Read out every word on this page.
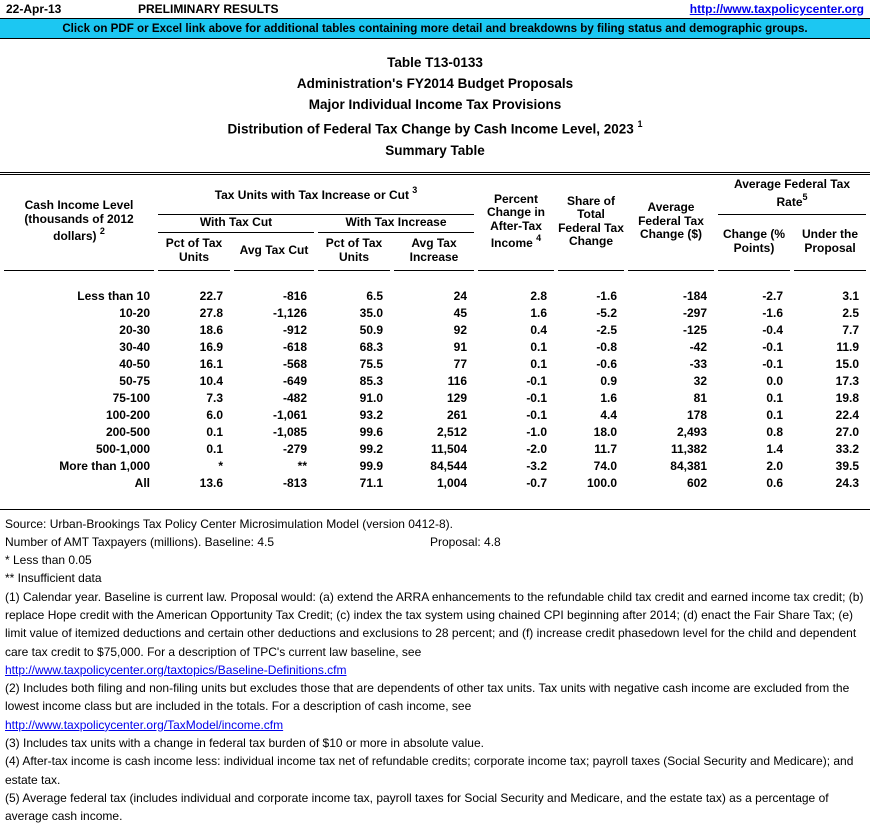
22-Apr-13	PRELIMINARY RESULTS	http://www.taxpolicycenter.org
Click on PDF or Excel link above for additional tables containing more detail and breakdowns by filing status and demographic groups.
Table T13-0133
Administration's FY2014 Budget Proposals
Major Individual Income Tax Provisions
Distribution of Federal Tax Change by Cash Income Level, 2023 $^1$
Summary Table
Cash Income Level (thousands of 2012 dollars) $^2$	Tax Units with Tax Increase or Cut $^3$				Percent Change in After-Tax Income $^4$	Share of Total Federal Tax Change	Average Federal Tax Change ($)	Average Federal Tax Rate$^5$
	With Tax Cut		With Tax Increase					Change (% Points)	Under the Proposal
	Pct of Tax Units	Avg Tax Cut	Pct of Tax Units	Avg Tax Increase					

Less than 10	22.7	-816	6.5	24	2.8	-1.6	-184	-2.7	3.1
10-20	27.8	-1,126	35.0	45	1.6	-5.2	-297	-1.6	2.5
20-30	18.6	-912	50.9	92	0.4	-2.5	-125	-0.4	7.7
30-40	16.9	-618	68.3	91	0.1	-0.8	-42	-0.1	11.9
40-50	16.1	-568	75.5	77	0.1	-0.6	-33	-0.1	15.0
50-75	10.4	-649	85.3	116	-0.1	0.9	32	0.0	17.3
75-100	7.3	-482	91.0	129	-0.1	1.6	81	0.1	19.8
100-200	6.0	-1,061	93.2	261	-0.1	4.4	178	0.1	22.4
200-500	0.1	-1,085	99.6	2,512	-1.0	18.0	2,493	0.8	27.0
500-1,000	0.1	-279	99.2	11,504	-2.0	11.7	11,382	1.4	33.2
More than 1,000	*	**	99.9	84,544	-3.2	74.0	84,381	2.0	39.5
All	13.6	-813	71.1	1,004	-0.7	100.0	602	0.6	24.3

Source: Urban-Brookings Tax Policy Center Microsimulation Model (version 0412-8).
Number of AMT Taxpayers (millions). Baseline: 4.5	Proposal: 4.8
* Less than 0.05
** Insufficient data
(1) Calendar year. Baseline is current law. Proposal would: (a) extend the ARRA enhancements to the refundable child tax credit and earned income tax credit; (b) replace Hope credit with the American Opportunity Tax Credit; (c) index the tax system using chained CPI beginning after 2014; (d) enact the Fair Share Tax; (e) limit value of itemized deductions and certain other deductions and exclusions to 28 percent; and (f) increase credit phasedown level for the child and dependent care tax credit to $75,000. For a description of TPC's current law baseline, see
http://www.taxpolicycenter.org/taxtopics/Baseline-Definitions.cfm
(2) Includes both filing and non-filing units but excludes those that are dependents of other tax units. Tax units with negative cash income are excluded from the lowest income class but are included in the totals. For a description of cash income, see
http://www.taxpolicycenter.org/TaxModel/income.cfm
(3) Includes tax units with a change in federal tax burden of $10 or more in absolute value.
(4) After-tax income is cash income less: individual income tax net of refundable credits; corporate income tax; payroll taxes (Social Security and Medicare); and estate tax.
(5) Average federal tax (includes individual and corporate income tax, payroll taxes for Social Security and Medicare, and the estate tax) as a percentage of average cash income.
